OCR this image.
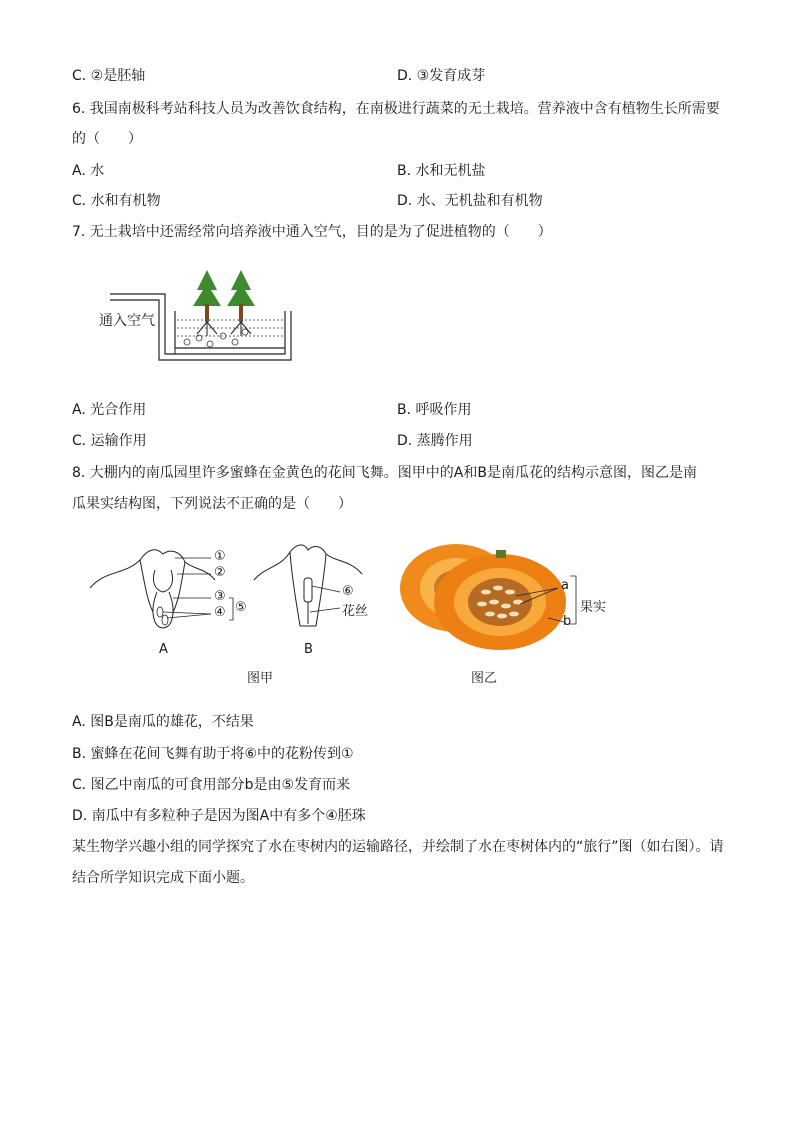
C. ②是胚轴	D. ③发育成芽
6. 我国南极科考站科技人员为改善饮食结构，在南极进行蔬菜的无土栽培。营养液中含有植物生长所需要
的（　　）
A. 水	B. 水和无机盐
C. 水和有机物	D. 水、无机盐和有机物
7. 无土栽培中还需经常向培养液中通入空气，目的是为了促进植物的（　　）
通入空气
A. 光合作用	B. 呼吸作用
C. 运输作用	D. 蒸腾作用
8. 大棚内的南瓜园里许多蜜蜂在金黄色的花间飞舞。图甲中的A和B是南瓜花的结构示意图，图乙是南
瓜果实结构图，下列说法不正确的是（　　）
①
②
③
④ ⑤
A
⑥
花丝
B
图甲
a
b
果实
图乙
A. 图B是南瓜的雄花，不结果
B. 蜜蜂在花间飞舞有助于将⑥中的花粉传到①
C. 图乙中南瓜的可食用部分b是由⑤发育而来
D. 南瓜中有多粒种子是因为图A中有多个④胚珠
某生物学兴趣小组的同学探究了水在枣树内的运输路径，并绘制了水在枣树体内的“旅行”图（如右图）。请
结合所学知识完成下面小题。
